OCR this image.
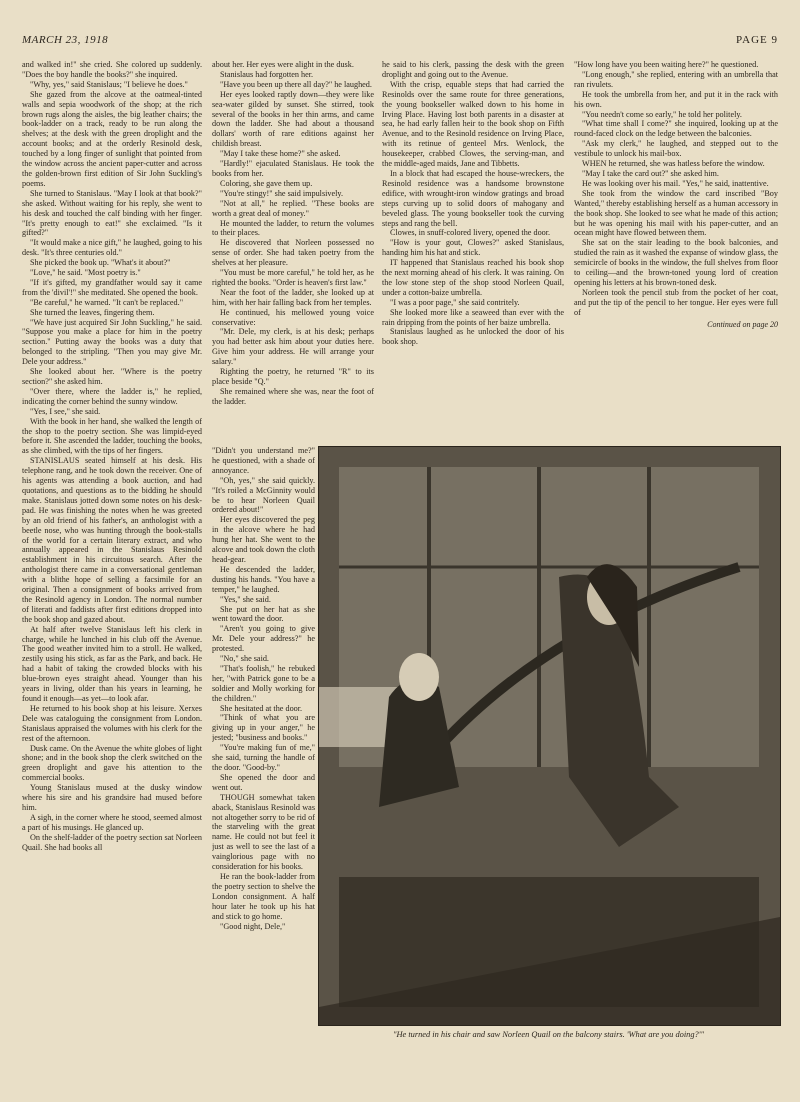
MARCH 23, 1918	PAGE 9

and walked in!" she cried. She colored up suddenly. "Does the boy handle the books?" she inquired.

"Why, yes," said Stanislaus; "I believe he does."

She gazed from the alcove at the oatmeal-tinted walls and sepia woodwork of the shop; at the rich brown rugs along the aisles, the big leather chairs; the book-ladder on a track, ready to be run along the shelves; at the desk with the green droplight and the account books; and at the orderly Resinold desk, touched by a long finger of sunlight that pointed from the window across the ancient paper-cutter and across the golden-brown first edition of Sir John Suckling's poems.

She turned to Stanislaus. "May I look at that book?" she asked. Without waiting for his reply, she went to his desk and touched the calf binding with her finger. "It's pretty enough to eat!" she exclaimed. "Is it gifted?"

"It would make a nice gift," he laughed, going to his desk. "It's three centuries old."

She picked the book up. "What's it about?"

"Love," he said. "Most poetry is."

"If it's gifted, my grandfather would say it came from the 'divil'!" she meditated. She opened the book.

"Be careful," he warned. "It can't be replaced."

She turned the leaves, fingering them.

"We have just acquired Sir John Suckling," he said. "Suppose you make a place for him in the poetry section." Putting away the books was a duty that belonged to the stripling. "Then you may give Mr. Dele your address."

She looked about her. "Where is the poetry section?" she asked him.

"Over there, where the ladder is," he replied, indicating the corner behind the sunny window.

"Yes, I see," she said.

With the book in her hand, she walked the length of the shop to the poetry section. She was limpid-eyed before it. She ascended the ladder, touching the books, as she climbed, with the tips of her fingers.

STANISLAUS seated himself at his desk. His telephone rang, and he took down the receiver. One of his agents was attending a book auction, and had quotations, and questions as to the bidding he should make. Stanislaus jotted down some notes on his desk-pad. He was finishing the notes when he was greeted by an old friend of his father's, an anthologist with a beetle nose, who was hunting through the book-stalls of the world for a certain literary extract, and who annually appeared in the Stanislaus Resinold establishment in his circuitous search. After the anthologist there came in a conversational gentleman with a blithe hope of selling a facsimile for an original. Then a consignment of books arrived from the Resinold agency in London. The normal number of literati and faddists after first editions dropped into the book shop and gazed about.

At half after twelve Stanislaus left his clerk in charge, while he lunched in his club off the Avenue. The good weather invited him to a stroll. He walked, zestily using his stick, as far as the Park, and back. He had a habit of taking the crowded blocks with his blue-brown eyes straight ahead. Younger than his years in living, older than his years in learning, he found it enough—as yet—to look afar.

He returned to his book shop at his leisure. Xerxes Dele was cataloguing the consignment from London. Stanislaus appraised the volumes with his clerk for the rest of the afternoon.

Dusk came. On the Avenue the white globes of light shone; and in the book shop the clerk switched on the green droplight and gave his attention to the commercial books.

Young Stanislaus mused at the dusky window where his sire and his grandsire had mused before him.

A sigh, in the corner where he stood, seemed almost a part of his musings. He glanced up.

On the shelf-ladder of the poetry section sat Norleen Quail. She had books all

about her. Her eyes were alight in the dusk.

Stanislaus had forgotten her.

"Have you been up there all day?" he laughed.

Her eyes looked raptly down—they were like sea-water gilded by sunset. She stirred, took several of the books in her thin arms, and came down the ladder. She had about a thousand dollars' worth of rare editions against her childish breast.

"May I take these home?" she asked.

"Hardly!" ejaculated Stanislaus. He took the books from her.

Coloring, she gave them up.

"You're stingy!" she said impulsively.

"Not at all," he replied. "These books are worth a great deal of money."

He mounted the ladder, to return the volumes to their places.

He discovered that Norleen possessed no sense of order. She had taken poetry from the shelves at her pleasure.

"You must be more careful," he told her, as he righted the books. "Order is heaven's first law."

Near the foot of the ladder, she looked up at him, with her hair falling back from her temples.

He continued, his mellowed young voice conservative:

"Mr. Dele, my clerk, is at his desk; perhaps you had better ask him about your duties here. Give him your address. He will arrange your salary."

Righting the poetry, he returned "R" to its place beside "Q."

She remained where she was, near the foot of the ladder.

"Didn't you understand me?" he questioned, with a shade of annoyance.

"Oh, yes," she said quickly. "It's roiled a McGinnity would be to hear Norleen Quail ordered about!"

Her eyes discovered the peg in the alcove where he had hung her hat. She went to the alcove and took down the cloth head-gear.

He descended the ladder, dusting his hands. "You have a temper," he laughed.

"Yes," she said.

She put on her hat as she went toward the door.

"Aren't you going to give Mr. Dele your address?" he protested.

"No," she said.

"That's foolish," he rebuked her, "with Patrick gone to be a soldier and Molly working for the children."

She hesitated at the door.

"Think of what you are giving up in your anger," he jested; "business and books."

"You're making fun of me," she said, turning the handle of the door. "Good-by."

She opened the door and went out.

THOUGH somewhat taken aback, Stanislaus Resinold was not altogether sorry to be rid of the starveling with the great name. He could not but feel it just as well to see the last of a vainglorious page with no consideration for his books.

He ran the book-ladder from the poetry section to shelve the London consignment. A half hour later he took up his hat and stick to go home.

"Good night, Dele,"

he said to his clerk, passing the desk with the green droplight and going out to the Avenue.

With the crisp, equable steps that had carried the Resinolds over the same route for three generations, the young bookseller walked down to his home in Irving Place. Having lost both parents in a disaster at sea, he had early fallen heir to the book shop on Fifth Avenue, and to the Resinold residence on Irving Place, with its retinue of genteel Mrs. Wenlock, the housekeeper, crabbed Clowes, the serving-man, and the middle-aged maids, Jane and Tibbetts.

In a block that had escaped the house-wreckers, the Resinold residence was a handsome brownstone edifice, with wrought-iron window gratings and broad steps curving up to solid doors of mahogany and beveled glass. The young bookseller took the curving steps and rang the bell.

Clowes, in snuff-colored livery, opened the door.

"How is your gout, Clowes?" asked Stanislaus, handing him his hat and stick.

IT happened that Stanislaus reached his book shop the next morning ahead of his clerk. It was raining. On the low stone step of the shop stood Norleen Quail, under a cotton-baize umbrella.

"I was a poor page," she said contritely.

She looked more like a seaweed than ever with the rain dripping from the points of her baize umbrella.

Stanislaus laughed as he unlocked the door of his book shop.

"How long have you been waiting here?" he questioned.

"Long enough," she replied, entering with an umbrella that ran rivulets.

He took the umbrella from her, and put it in the rack with his own.

"You needn't come so early," he told her politely.

"What time shall I come?" she inquired, looking up at the round-faced clock on the ledge between the balconies.

"Ask my clerk," he laughed, and stepped out to the vestibule to unlock his mail-box.

WHEN he returned, she was hatless before the window.

"May I take the card out?" she asked him.

He was looking over his mail. "Yes," he said, inattentive.

She took from the window the card inscribed "Boy Wanted," thereby establishing herself as a human accessory in the book shop. She looked to see what he made of this action; but he was opening his mail with his paper-cutter, and an ocean might have flowed between them.

She sat on the stair leading to the book balconies, and studied the rain as it washed the expanse of window glass, the semicircle of books in the window, the full shelves from floor to ceiling—and the brown-toned young lord of creation opening his letters at his brown-toned desk.

Norleen took the pencil stub from the pocket of her coat, and put the tip of the pencil to her tongue. Her eyes were full of

Continued on page 20
"He turned in his chair and saw Norleen Quail on the balcony stairs. 'What are you doing?'"
